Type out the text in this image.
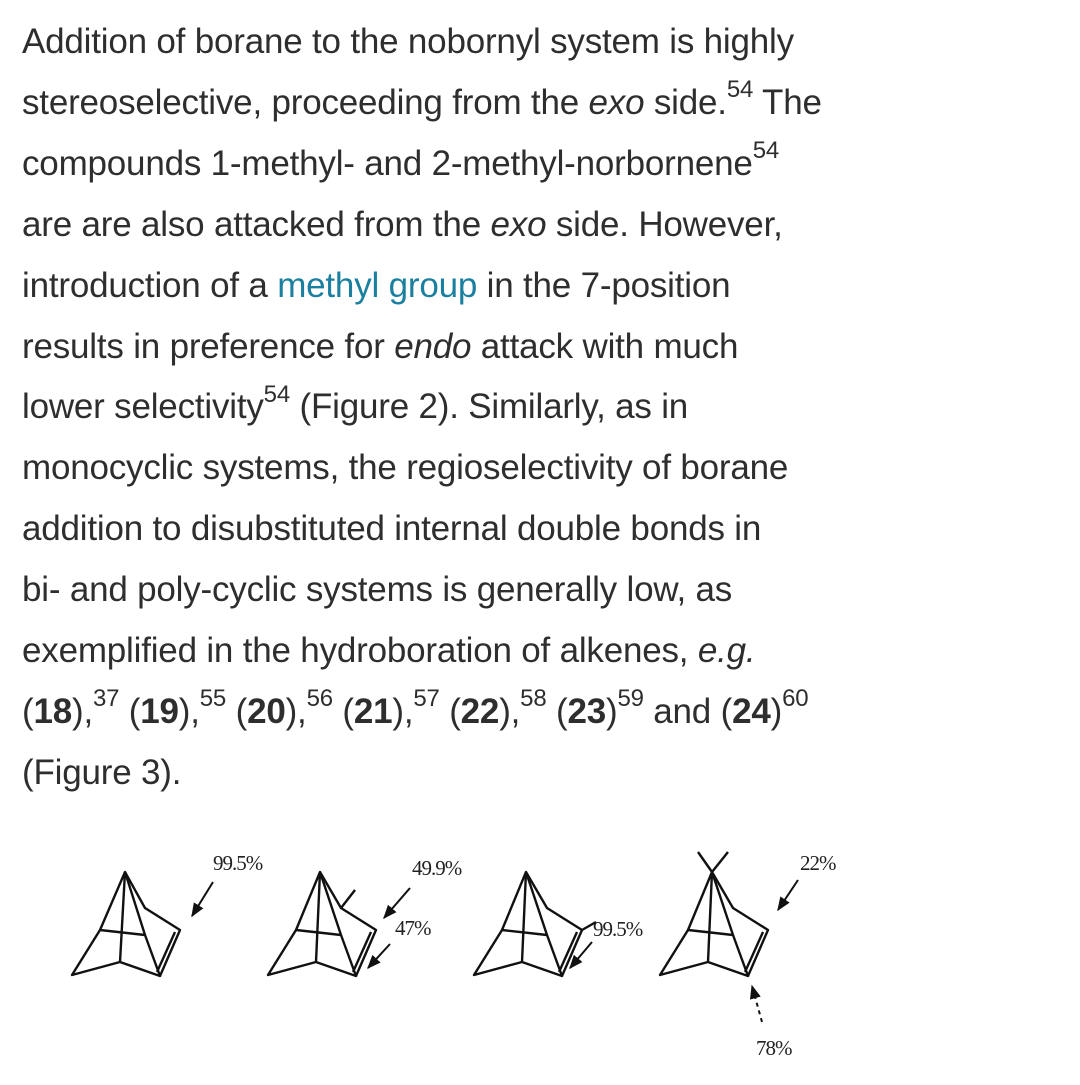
Addition of borane to the nobornyl system is highly
stereoselective, proceeding from the exo side.$^{54}$ The
compounds 1-methyl- and 2-methyl-norbornene$^{54}$
are are also attacked from the exo side. However,
introduction of a methyl group in the 7-position
results in preference for endo attack with much
lower selectivity$^{54}$ (Figure 2). Similarly, as in
monocyclic systems, the regioselectivity of borane
addition to disubstituted internal double bonds in
bi- and poly-cyclic systems is generally low, as
exemplified in the hydroboration of alkenes, e.g.
(18),$^{37}$ (19),$^{55}$ (20),$^{56}$ (21),$^{57}$ (22),$^{58}$ $(23)^{59}$ and $(24)^{60}$
(Figure 3).
99.5%	49.9%
47%	99.5%
22%
78%
